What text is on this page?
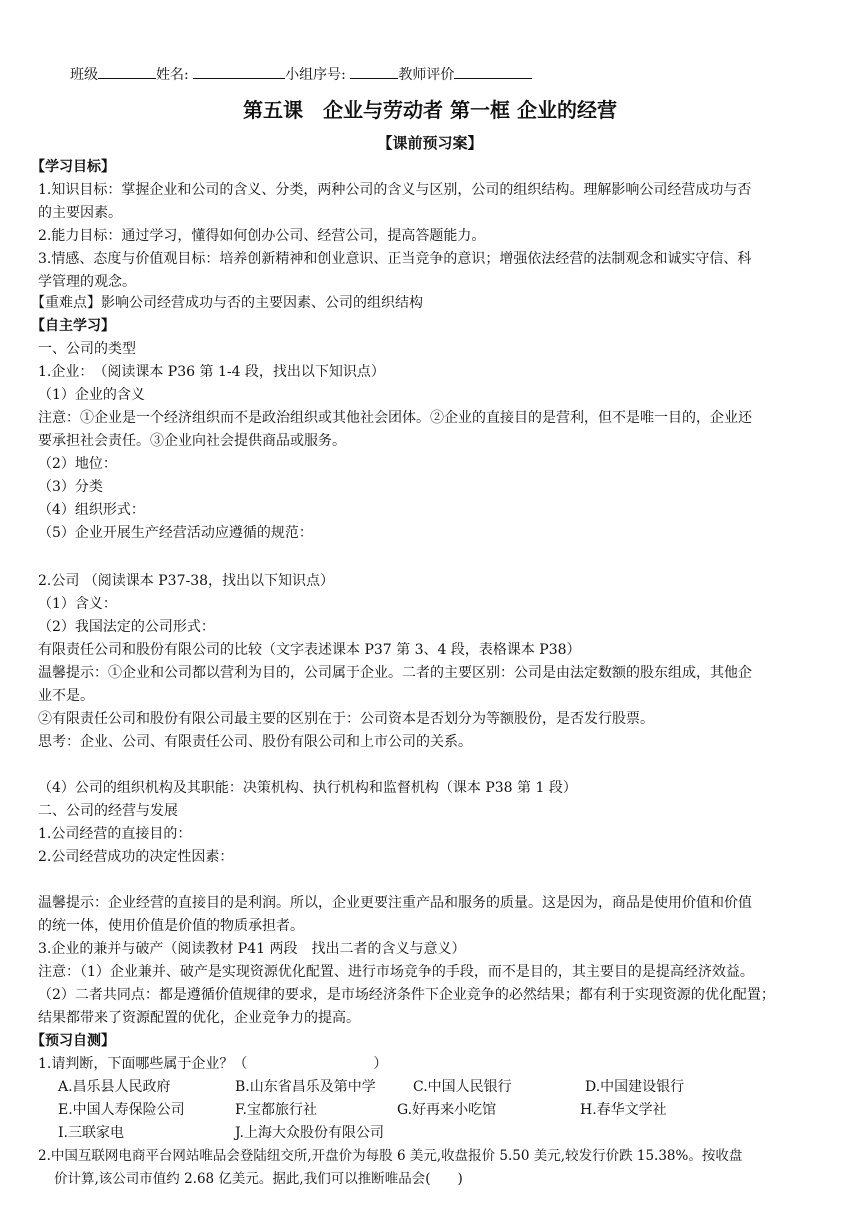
班级	姓名:	小组序号:	教师评价
第五课　企业与劳动者 第一框 企业的经营
【课前预习案】
【学习目标】
1.知识目标：掌握企业和公司的含义、分类，两种公司的含义与区别，公司的组织结构。理解影响公司经营成功与否
的主要因素。
2.能力目标：通过学习，懂得如何创办公司、经营公司，提高答题能力。
3.情感、态度与价值观目标：培养创新精神和创业意识、正当竞争的意识；增强依法经营的法制观念和诚实守信、科
学管理的观念。
【重难点】影响公司经营成功与否的主要因素、公司的组织结构
【自主学习】
一、公司的类型
1.企业：　（阅读课本 P36 第 1-4 段，找出以下知识点）
（1）企业的含义
注意：①企业是一个经济组织而不是政治组织或其他社会团体。②企业的直接目的是营利，但不是唯一目的，企业还
要承担社会责任。③企业向社会提供商品或服务。
（2）地位：
（3）分类
（4）组织形式：
（5）企业开展生产经营活动应遵循的规范：
2.公司 （阅读课本 P37-38，找出以下知识点）
（1）含义：
（2）我国法定的公司形式：
有限责任公司和股份有限公司的比较（文字表述课本 P37 第 3、4 段，表格课本 P38）
温馨提示：①企业和公司都以营利为目的，公司属于企业。二者的主要区别：公司是由法定数额的股东组成，其他企
业不是。
②有限责任公司和股份有限公司最主要的区别在于：公司资本是否划分为等额股份，是否发行股票。
思考：企业、公司、有限责任公司、股份有限公司和上市公司的关系。
（4）公司的组织机构及其职能：决策机构、执行机构和监督机构（课本 P38 第 1 段）
二、公司的经营与发展
1.公司经营的直接目的：
2.公司经营成功的决定性因素：
温馨提示：企业经营的直接目的是利润。所以，企业更要注重产品和服务的质量。这是因为，商品是使用价值和价值
的统一体，使用价值是价值的物质承担者。
3.企业的兼并与破产（阅读教材 P41 两段　找出二者的含义与意义）
注意：（1）企业兼并、破产是实现资源优化配置、进行市场竞争的手段，而不是目的，其主要目的是提高经济效益。
（2）二者共同点：都是遵循价值规律的要求，是市场经济条件下企业竞争的必然结果；都有利于实现资源的优化配置；
结果都带来了资源配置的优化，企业竞争力的提高。
【预习自测】
1.请判断，下面哪些属于企业？（　　　　　　　　　）
A.昌乐县人民政府	B.山东省昌乐及第中学	C.中国人民银行	D.中国建设银行
E.中国人寿保险公司	F.宝都旅行社	G.好再来小吃馆	H.春华文学社
I.三联家电	J.上海大众股份有限公司
2.中国互联网电商平台网站唯品会登陆纽交所,开盘价为每股 6 美元,收盘报价 5.50 美元,较发行价跌 15.38%。按收盘
价计算,该公司市值约 2.68 亿美元。据此,我们可以推断唯品会(　　)
